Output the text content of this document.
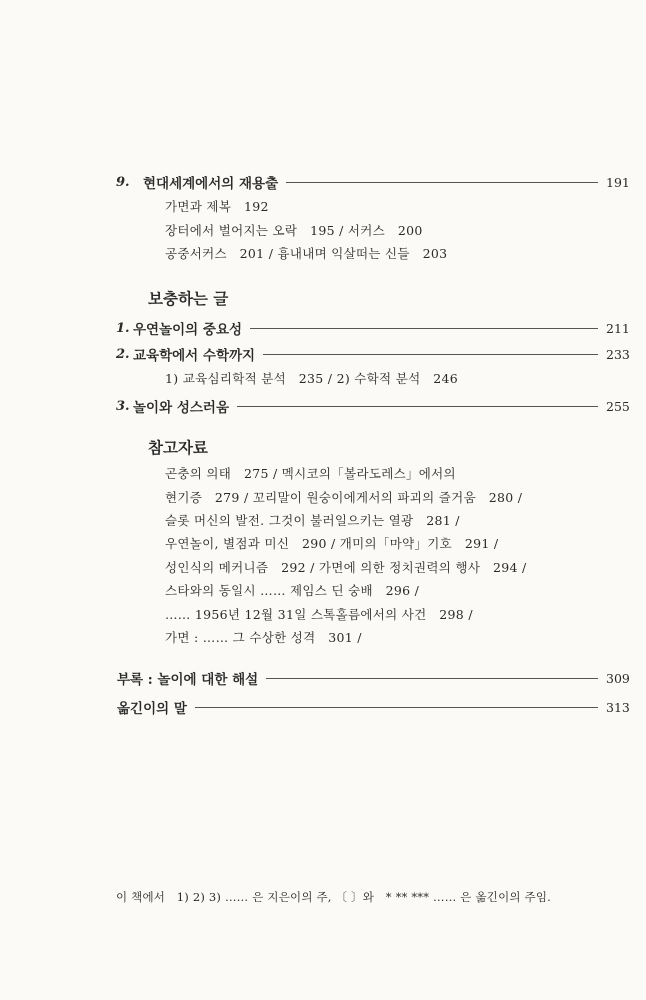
9. 현대세계에서의 재용출	191
가면과 제복　192
장터에서 벌어지는 오락　195 / 서커스　200
공중서커스　201 / 흉내내며 익살떠는 신들　203
보충하는 글
1. 우연놀이의 중요성	211
2. 교육학에서 수학까지	233
1) 교육심리학적 분석　235 / 2) 수학적 분석　246
3. 놀이와 성스러움	255
참고자료
곤충의 의태　275 / 멕시코의「볼라도레스」에서의
현기증　279 / 꼬리말이 원숭이에게서의 파괴의 즐거움　280 /
슬롯 머신의 발전. 그것이 불러일으키는 열광　281 /
우연놀이, 별점과 미신　290 / 개미의「마약」기호　291 /
성인식의 메커니즘　292 / 가면에 의한 정치권력의 행사　294 /
스타와의 동일시 …… 제임스 딘 숭배　296 /
…… 1956년 12월 31일 스톡홀름에서의 사건　298 /
가면 : …… 그 수상한 성격　301 /
부록 : 놀이에 대한 해설	309
옮긴이의 말	313
이 책에서　1) 2) 3) …… 은 지은이의 주, 〔 〕와　* ** *** …… 은 옮긴이의 주임.
